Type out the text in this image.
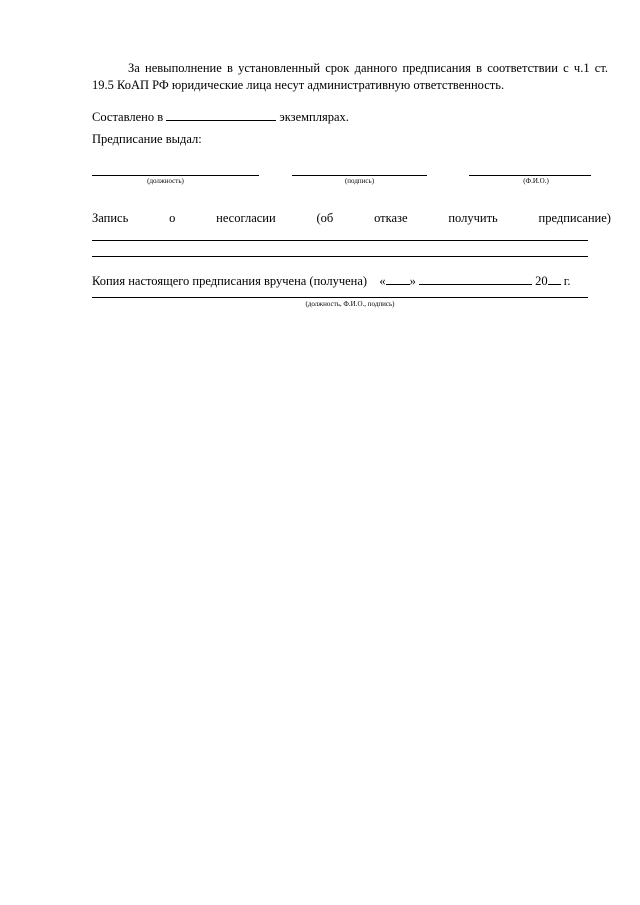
За невыполнение в установленный срок данного предписания в соответствии с ч.1 ст. 19.5 КоАП РФ юридические лица несут административную ответственность.

Составлено в	экземплярах.
Предписание выдал:
(должность)	(подпись)	(Ф.И.О.)
Запись	о	несогласии	(об	отказе	получить	предписание)
Копия настоящего предписания вручена (получена) « »	20 г.
(должность, Ф.И.О., подпись)
